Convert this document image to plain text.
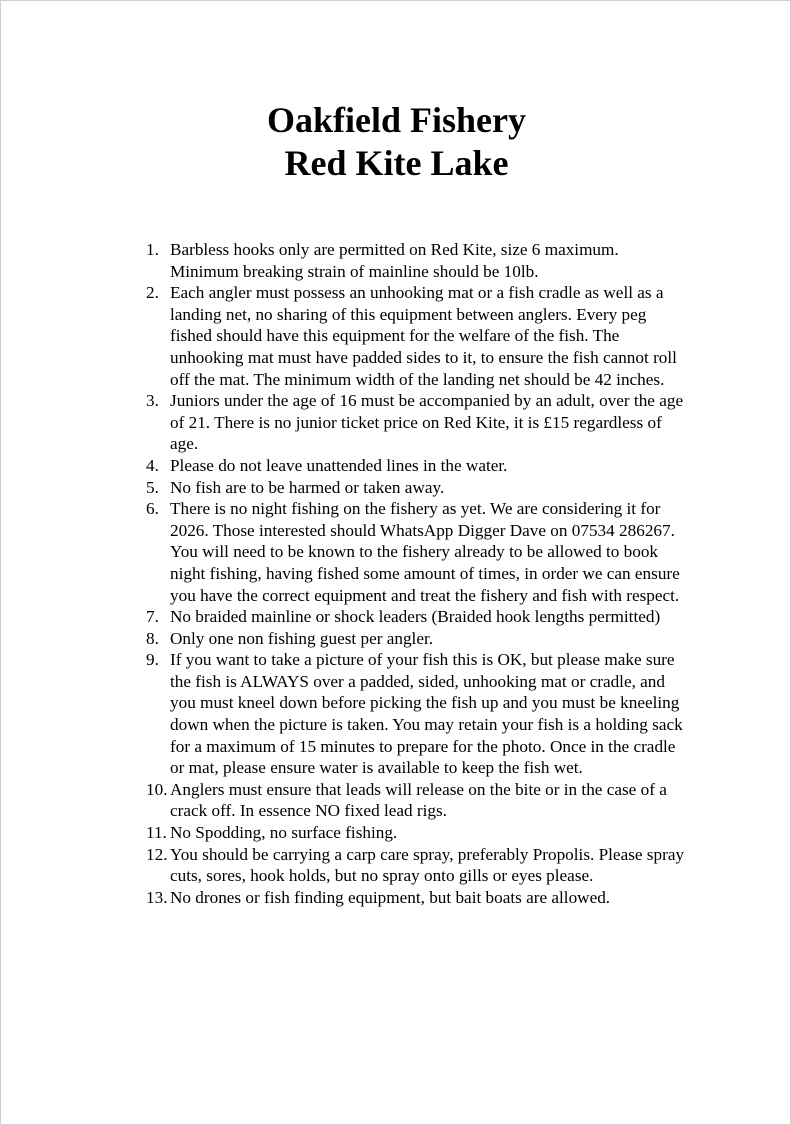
Oakfield Fishery
Red Kite Lake
1. Barbless hooks only are permitted on Red Kite, size 6 maximum. Minimum breaking strain of mainline should be 10lb.
2. Each angler must possess an unhooking mat or a fish cradle as well as a landing net, no sharing of this equipment between anglers. Every peg fished should have this equipment for the welfare of the fish. The unhooking mat must have padded sides to it, to ensure the fish cannot roll off the mat. The minimum width of the landing net should be 42 inches.
3. Juniors under the age of 16 must be accompanied by an adult, over the age of 21. There is no junior ticket price on Red Kite, it is £15 regardless of age.
4. Please do not leave unattended lines in the water.
5. No fish are to be harmed or taken away.
6. There is no night fishing on the fishery as yet. We are considering it for 2026. Those interested should WhatsApp Digger Dave on 07534 286267. You will need to be known to the fishery already to be allowed to book night fishing, having fished some amount of times, in order we can ensure you have the correct equipment and treat the fishery and fish with respect.
7. No braided mainline or shock leaders (Braided hook lengths permitted)
8. Only one non fishing guest per angler.
9. If you want to take a picture of your fish this is OK, but please make sure the fish is ALWAYS over a padded, sided, unhooking mat or cradle, and you must kneel down before picking the fish up and you must be kneeling down when the picture is taken. You may retain your fish is a holding sack for a maximum of 15 minutes to prepare for the photo. Once in the cradle or mat, please ensure water is available to keep the fish wet.
10. Anglers must ensure that leads will release on the bite or in the case of a crack off. In essence NO fixed lead rigs.
11. No Spodding, no surface fishing.
12. You should be carrying a carp care spray, preferably Propolis. Please spray cuts, sores, hook holds, but no spray onto gills or eyes please.
13. No drones or fish finding equipment, but bait boats are allowed.
